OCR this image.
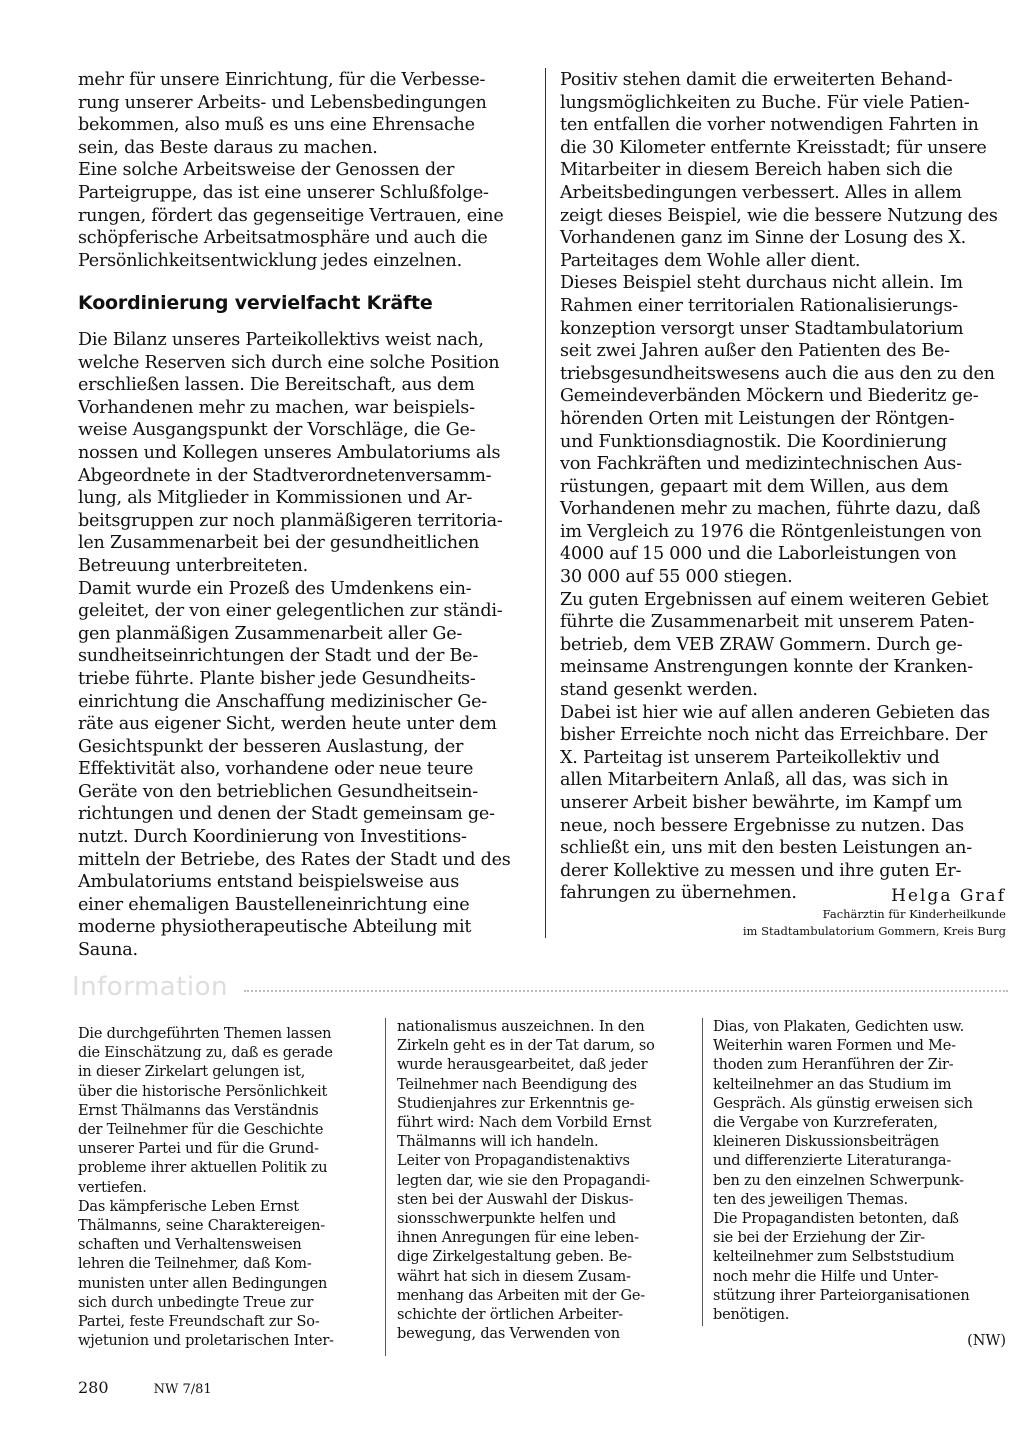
mehr für unsere Einrichtung, für die Verbesse-
rung unserer Arbeits- und Lebensbedingungen
bekommen, also muß es uns eine Ehrensache
sein, das Beste daraus zu machen.
Eine solche Arbeitsweise der Genossen der
Parteigruppe, das ist eine unserer Schlußfolge-
rungen, fördert das gegenseitige Vertrauen, eine
schöpferische Arbeitsatmosphäre und auch die
Persönlichkeitsentwicklung jedes einzelnen.

Koordinierung vervielfacht Kräfte

Die Bilanz unseres Parteikollektivs weist nach,
welche Reserven sich durch eine solche Position
erschließen lassen. Die Bereitschaft, aus dem
Vorhandenen mehr zu machen, war beispiels-
weise Ausgangspunkt der Vorschläge, die Ge-
nossen und Kollegen unseres Ambulatoriums als
Abgeordnete in der Stadtverordnetenversamm-
lung, als Mitglieder in Kommissionen und Ar-
beitsgruppen zur noch planmäßigeren territoria-
len Zusammenarbeit bei der gesundheitlichen
Betreuung unterbreiteten.
Damit wurde ein Prozeß des Umdenkens ein-
geleitet, der von einer gelegentlichen zur ständi-
gen planmäßigen Zusammenarbeit aller Ge-
sundheitseinrichtungen der Stadt und der Be-
triebe führte. Plante bisher jede Gesundheits-
einrichtung die Anschaffung medizinischer Ge-
räte aus eigener Sicht, werden heute unter dem
Gesichtspunkt der besseren Auslastung, der
Effektivität also, vorhandene oder neue teure
Geräte von den betrieblichen Gesundheitsein-
richtungen und denen der Stadt gemeinsam ge-
nutzt. Durch Koordinierung von Investitions-
mitteln der Betriebe, des Rates der Stadt und des
Ambulatoriums entstand beispielsweise aus
einer ehemaligen Baustelleneinrichtung eine
moderne physiotherapeutische Abteilung mit
Sauna.

Positiv stehen damit die erweiterten Behand-
lungsmöglichkeiten zu Buche. Für viele Patien-
ten entfallen die vorher notwendigen Fahrten in
die 30 Kilometer entfernte Kreisstadt; für unsere
Mitarbeiter in diesem Bereich haben sich die
Arbeitsbedingungen verbessert. Alles in allem
zeigt dieses Beispiel, wie die bessere Nutzung des
Vorhandenen ganz im Sinne der Losung des X.
Parteitages dem Wohle aller dient.
Dieses Beispiel steht durchaus nicht allein. Im
Rahmen einer territorialen Rationalisierungs-
konzeption versorgt unser Stadtambulatorium
seit zwei Jahren außer den Patienten des Be-
triebsgesundheitswesens auch die aus den zu den
Gemeindeverbänden Möckern und Biederitz ge-
hörenden Orten mit Leistungen der Röntgen-
und Funktionsdiagnostik. Die Koordinierung
von Fachkräften und medizintechnischen Aus-
rüstungen, gepaart mit dem Willen, aus dem
Vorhandenen mehr zu machen, führte dazu, daß
im Vergleich zu 1976 die Röntgenleistungen von
4000 auf 15 000 und die Laborleistungen von
30 000 auf 55 000 stiegen.
Zu guten Ergebnissen auf einem weiteren Gebiet
führte die Zusammenarbeit mit unserem Paten-
betrieb, dem VEB ZRAW Gommern. Durch ge-
meinsame Anstrengungen konnte der Kranken-
stand gesenkt werden.
Dabei ist hier wie auf allen anderen Gebieten das
bisher Erreichte noch nicht das Erreichbare. Der
X. Parteitag ist unserem Parteikollektiv und
allen Mitarbeitern Anlaß, all das, was sich in
unserer Arbeit bisher bewährte, im Kampf um
neue, noch bessere Ergebnisse zu nutzen. Das
schließt ein, uns mit den besten Leistungen an-
derer Kollektive zu messen und ihre guten Er-
fahrungen zu übernehmen.	Helga Graf
Fachärztin für Kinderheilkunde
im Stadtambulatorium Gommern, Kreis Burg
Information

Die durchgeführten Themen lassen
die Einschätzung zu, daß es gerade
in dieser Zirkelart gelungen ist,
über die historische Persönlichkeit
Ernst Thälmanns das Verständnis
der Teilnehmer für die Geschichte
unserer Partei und für die Grund-
probleme ihrer aktuellen Politik zu
vertiefen.
Das kämpferische Leben Ernst
Thälmanns, seine Charaktereigen-
schaften und Verhaltensweisen
lehren die Teilnehmer, daß Kom-
munisten unter allen Bedingungen
sich durch unbedingte Treue zur
Partei, feste Freundschaft zur So-
wjetunion und proletarischen Inter-

nationalismus auszeichnen. In den
Zirkeln geht es in der Tat darum, so
wurde herausgearbeitet, daß jeder
Teilnehmer nach Beendigung des
Studienjahres zur Erkenntnis ge-
führt wird: Nach dem Vorbild Ernst
Thälmanns will ich handeln.
Leiter von Propagandistenaktivs
legten dar, wie sie den Propagandi-
sten bei der Auswahl der Diskus-
sionsschwerpunkte helfen und
ihnen Anregungen für eine leben-
dige Zirkelgestaltung geben. Be-
währt hat sich in diesem Zusam-
menhang das Arbeiten mit der Ge-
schichte der örtlichen Arbeiter-
bewegung, das Verwenden von

Dias, von Plakaten, Gedichten usw.
Weiterhin waren Formen und Me-
thoden zum Heranführen der Zir-
kelteilnehmer an das Studium im
Gespräch. Als günstig erweisen sich
die Vergabe von Kurzreferaten,
kleineren Diskussionsbeiträgen
und differenzierte Literaturanga-
ben zu den einzelnen Schwerpunk-
ten des jeweiligen Themas.
Die Propagandisten betonten, daß
sie bei der Erziehung der Zir-
kelteilnehmer zum Selbststudium
noch mehr die Hilfe und Unter-
stützung ihrer Parteiorganisationen
benötigen.

(NW)
280	NW 7/81
